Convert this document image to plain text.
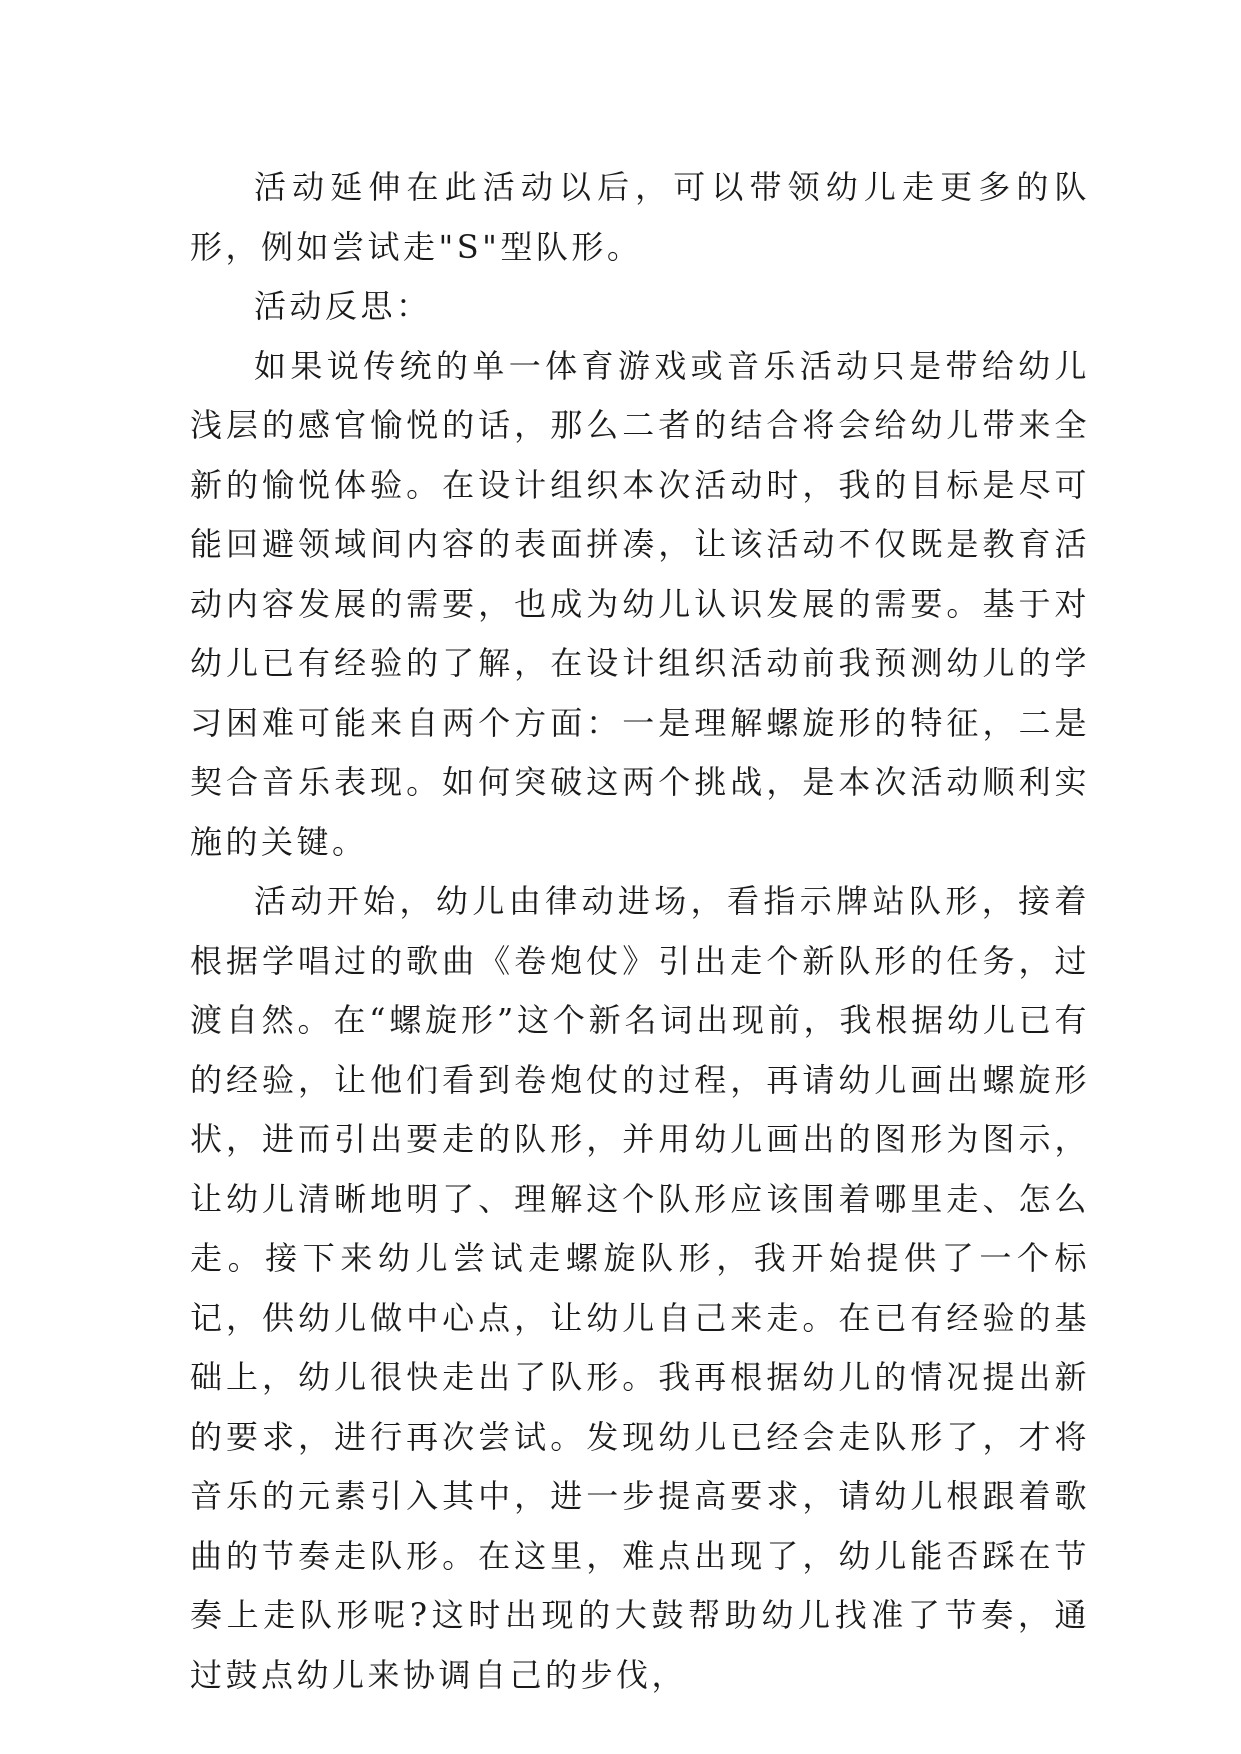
活动延伸在此活动以后，可以带领幼儿走更多的队形，例如尝试走"S"型队形。

活动反思：

如果说传统的单一体育游戏或音乐活动只是带给幼儿浅层的感官愉悦的话，那么二者的结合将会给幼儿带来全新的愉悦体验。在设计组织本次活动时，我的目标是尽可能回避领域间内容的表面拼凑，让该活动不仅既是教育活动内容发展的需要，也成为幼儿认识发展的需要。基于对幼儿已有经验的了解，在设计组织活动前我预测幼儿的学习困难可能来自两个方面：一是理解螺旋形的特征，二是契合音乐表现。如何突破这两个挑战，是本次活动顺利实施的关键。

活动开始，幼儿由律动进场，看指示牌站队形，接着根据学唱过的歌曲《卷炮仗》引出走个新队形的任务，过渡自然。在“螺旋形”这个新名词出现前，我根据幼儿已有的经验，让他们看到卷炮仗的过程，再请幼儿画出螺旋形状，进而引出要走的队形，并用幼儿画出的图形为图示，让幼儿清晰地明了、理解这个队形应该围着哪里走、怎么走。接下来幼儿尝试走螺旋队形，我开始提供了一个标记，供幼儿做中心点，让幼儿自己来走。在已有经验的基础上，幼儿很快走出了队形。我再根据幼儿的情况提出新的要求，进行再次尝试。发现幼儿已经会走队形了，才将音乐的元素引入其中，进一步提高要求，请幼儿根跟着歌曲的节奏走队形。在这里，难点出现了，幼儿能否踩在节奏上走队形呢?这时出现的大鼓帮助幼儿找准了节奏，通过鼓点幼儿来协调自己的步伐，
